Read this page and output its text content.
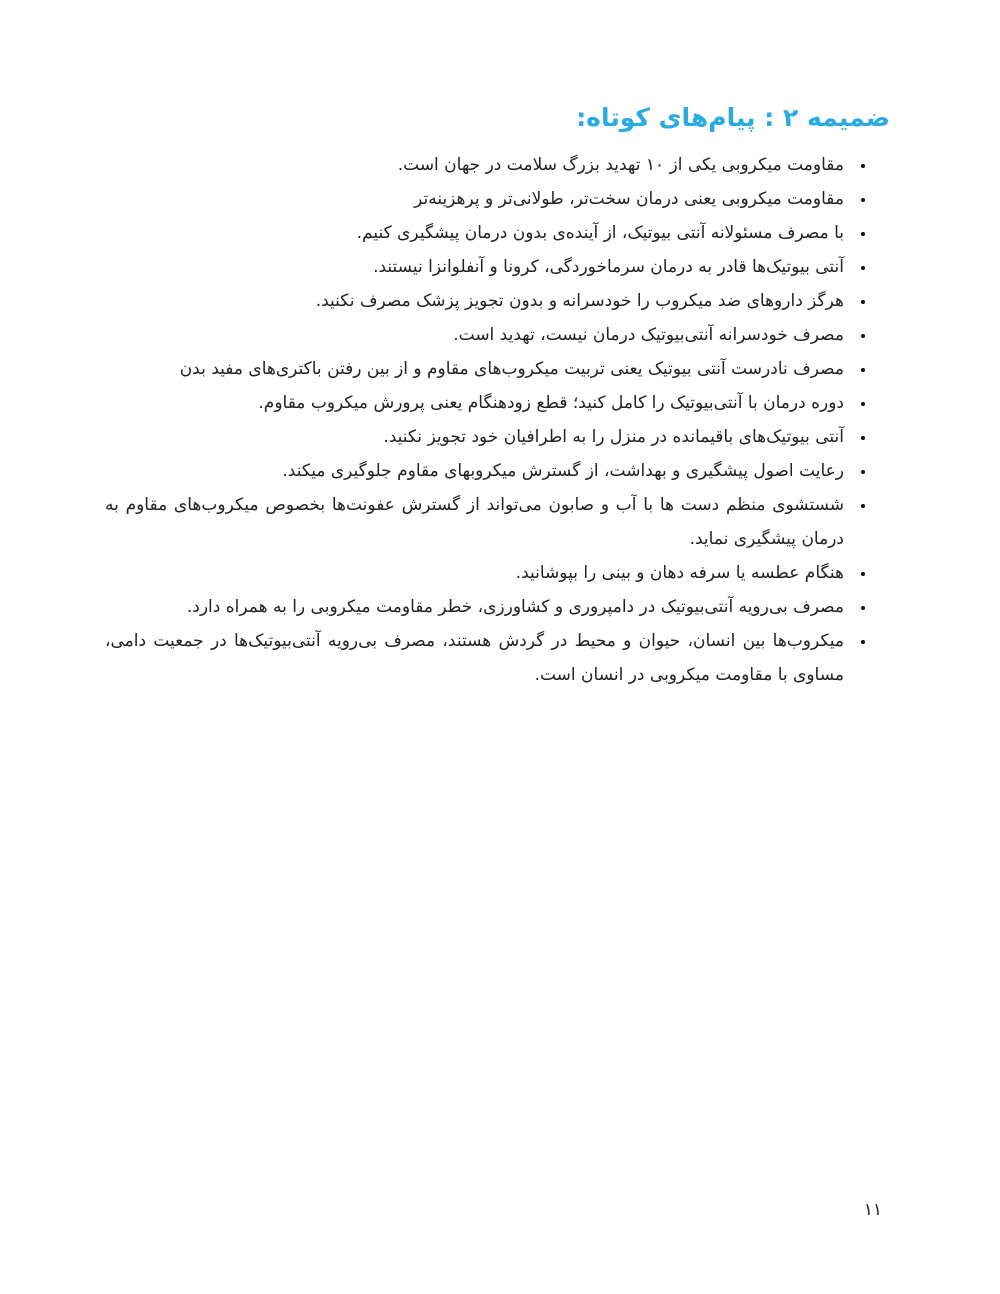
ضمیمه ۲ : پیام‌های کوتاه:
• مقاومت میکروبی یکی از ۱۰ تهدید بزرگ سلامت در جهان است.
• مقاومت میکروبی یعنی درمان سخت‌تر، طولانی‌تر و پرهزینه‌تر
• با مصرف مسئولانه آنتی بیوتیک، از آینده‌ی بدون درمان پیشگیری کنیم.
• آنتی بیوتیک‌ها قادر به درمان سرماخوردگی، کرونا و آنفلوانزا نیستند.
• هرگز داروهای ضد میکروب را خودسرانه و بدون تجویز پزشک مصرف نکنید.
• مصرف خودسرانه آنتی‌بیوتیک درمان نیست، تهدید است.
• مصرف نادرست آنتی بیوتیک یعنی تربیت میکروب‌های مقاوم و از بین رفتن باکتری‌های مفید بدن
• دوره درمان با آنتی‌بیوتیک را کامل کنید؛ قطع زودهنگام یعنی پرورش میکروب مقاوم.
• آنتی بیوتیک‌های باقیمانده در منزل را به اطرافیان خود تجویز نکنید.
• رعایت اصول پیشگیری و بهداشت، از گسترش میکروبهای مقاوم جلوگیری میکند.
• شستشوی منظم دست ها با آب و صابون می‌تواند از گسترش عفونت‌ها بخصوص میکروب‌های مقاوم به درمان پیشگیری نماید.
• هنگام عطسه یا سرفه دهان و بینی را بپوشانید.
• مصرف بی‌رویه آنتی‌بیوتیک در دامپروری و کشاورزی، خطر مقاومت میکروبی را به همراه دارد.
• میکروب‌ها بین انسان، حیوان و محیط در گردش هستند، مصرف بی‌رویه آنتی‌بیوتیک‌ها در جمعیت دامی، مساوی با مقاومت میکروبی در انسان است.
۱۱
